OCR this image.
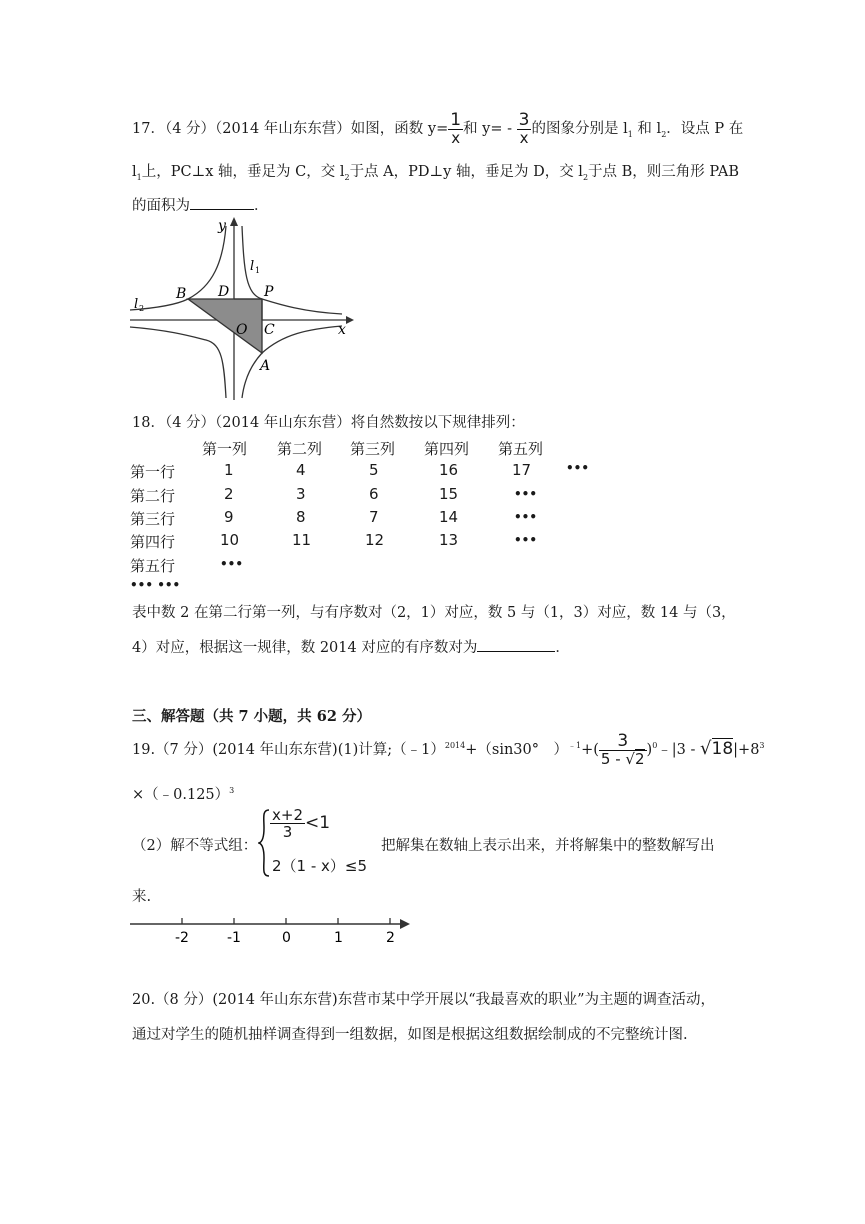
17．（4 分）（2014 年山东东营）如图，函数 $y= \frac{1}{x}$ 和 $y= - \frac{3}{x}$ 的图象分别是 $l_1$ 和 $l_2$．设点 P 在
$l_1$上，PC⊥x 轴，垂足为 C，交 $l_2$于点 A，PD⊥y 轴，垂足为 D，交 $l_2$于点 B，则三角形 PAB
的面积为	．
y
x
l 1
l 2
B D P
O C
A
18．（4 分）（2014 年山东东营）将自然数按以下规律排列：
第一列 第二列 第三列 第四列 第五列
第一行	1	4	5	16	17	•••
第二行	2	3	6	15	•••
第三行	9	8	7	14	•••
第四行	10	11	12	13	•••
第五行	•••
••• •••
表中数 2 在第二行第一列，与有序数对（2，1）对应，数 5 与（1，3）对应，数 14 与（3，
4）对应，根据这一规律，数 2014 对应的有序数对为	．
三、解答题（共 7 小题，共 62 分）
19.（7 分）(2014 年山东东营)(1)计算;（﹣1）$^{2014}$+（sin30°　）$^{﹣1}+( \frac{3}{5 - √2}$ )$^0﹣|3 - √18|+8^3$
×（﹣0.125）$^3$
（2）解不等式组：
$\frac{x+2}{3} <1$
2（1 - x）≤5
把解集在数轴上表示出来，并将解集中的整数解写出
来.
-2	-1	0	1	2
20.（8 分）(2014 年山东东营)东营市某中学开展以“我最喜欢的职业”为主题的调查活动，
通过对学生的随机抽样调查得到一组数据，如图是根据这组数据绘制成的不完整统计图.
